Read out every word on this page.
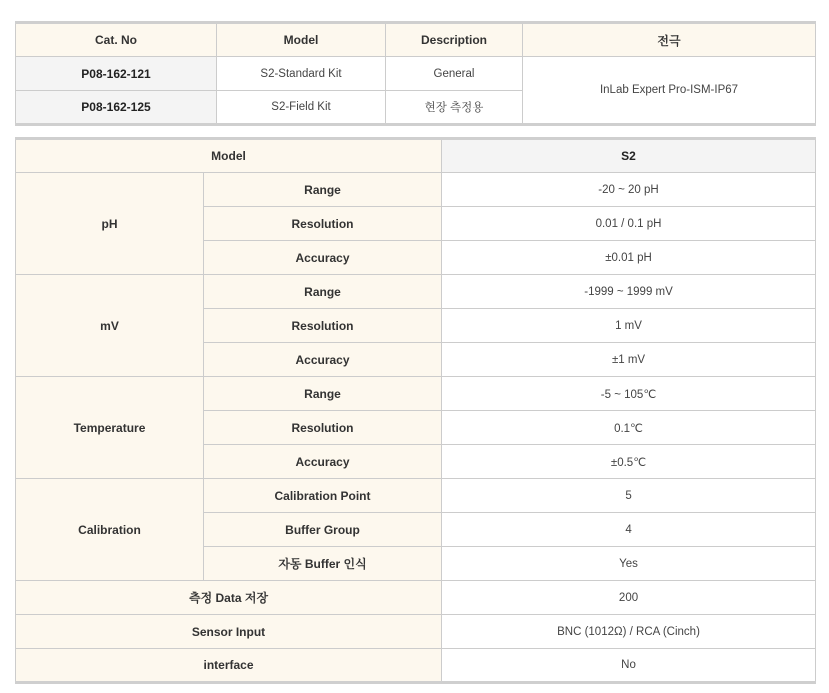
Cat. No	Model	Description	전극
P08-162-121	S2-Standard Kit	General	InLab Expert Pro-ISM-IP67
P08-162-125	S2-Field Kit	현장 측정용	
Model		S2
pH	Range	-20 ~ 20 pH
	Resolution	0.01 / 0.1 pH
	Accuracy	±0.01 pH
mV	Range	-1999 ~ 1999 mV
	Resolution	1 mV
	Accuracy	±1 mV
Temperature	Range	-5 ~ 105℃
	Resolution	0.1℃
	Accuracy	±0.5℃
Calibration	Calibration Point	5
	Buffer Group	4
	자동 Buffer 인식	Yes
측정 Data 저장		200
Sensor Input		BNC (1012Ω) / RCA (Cinch)
interface		No
